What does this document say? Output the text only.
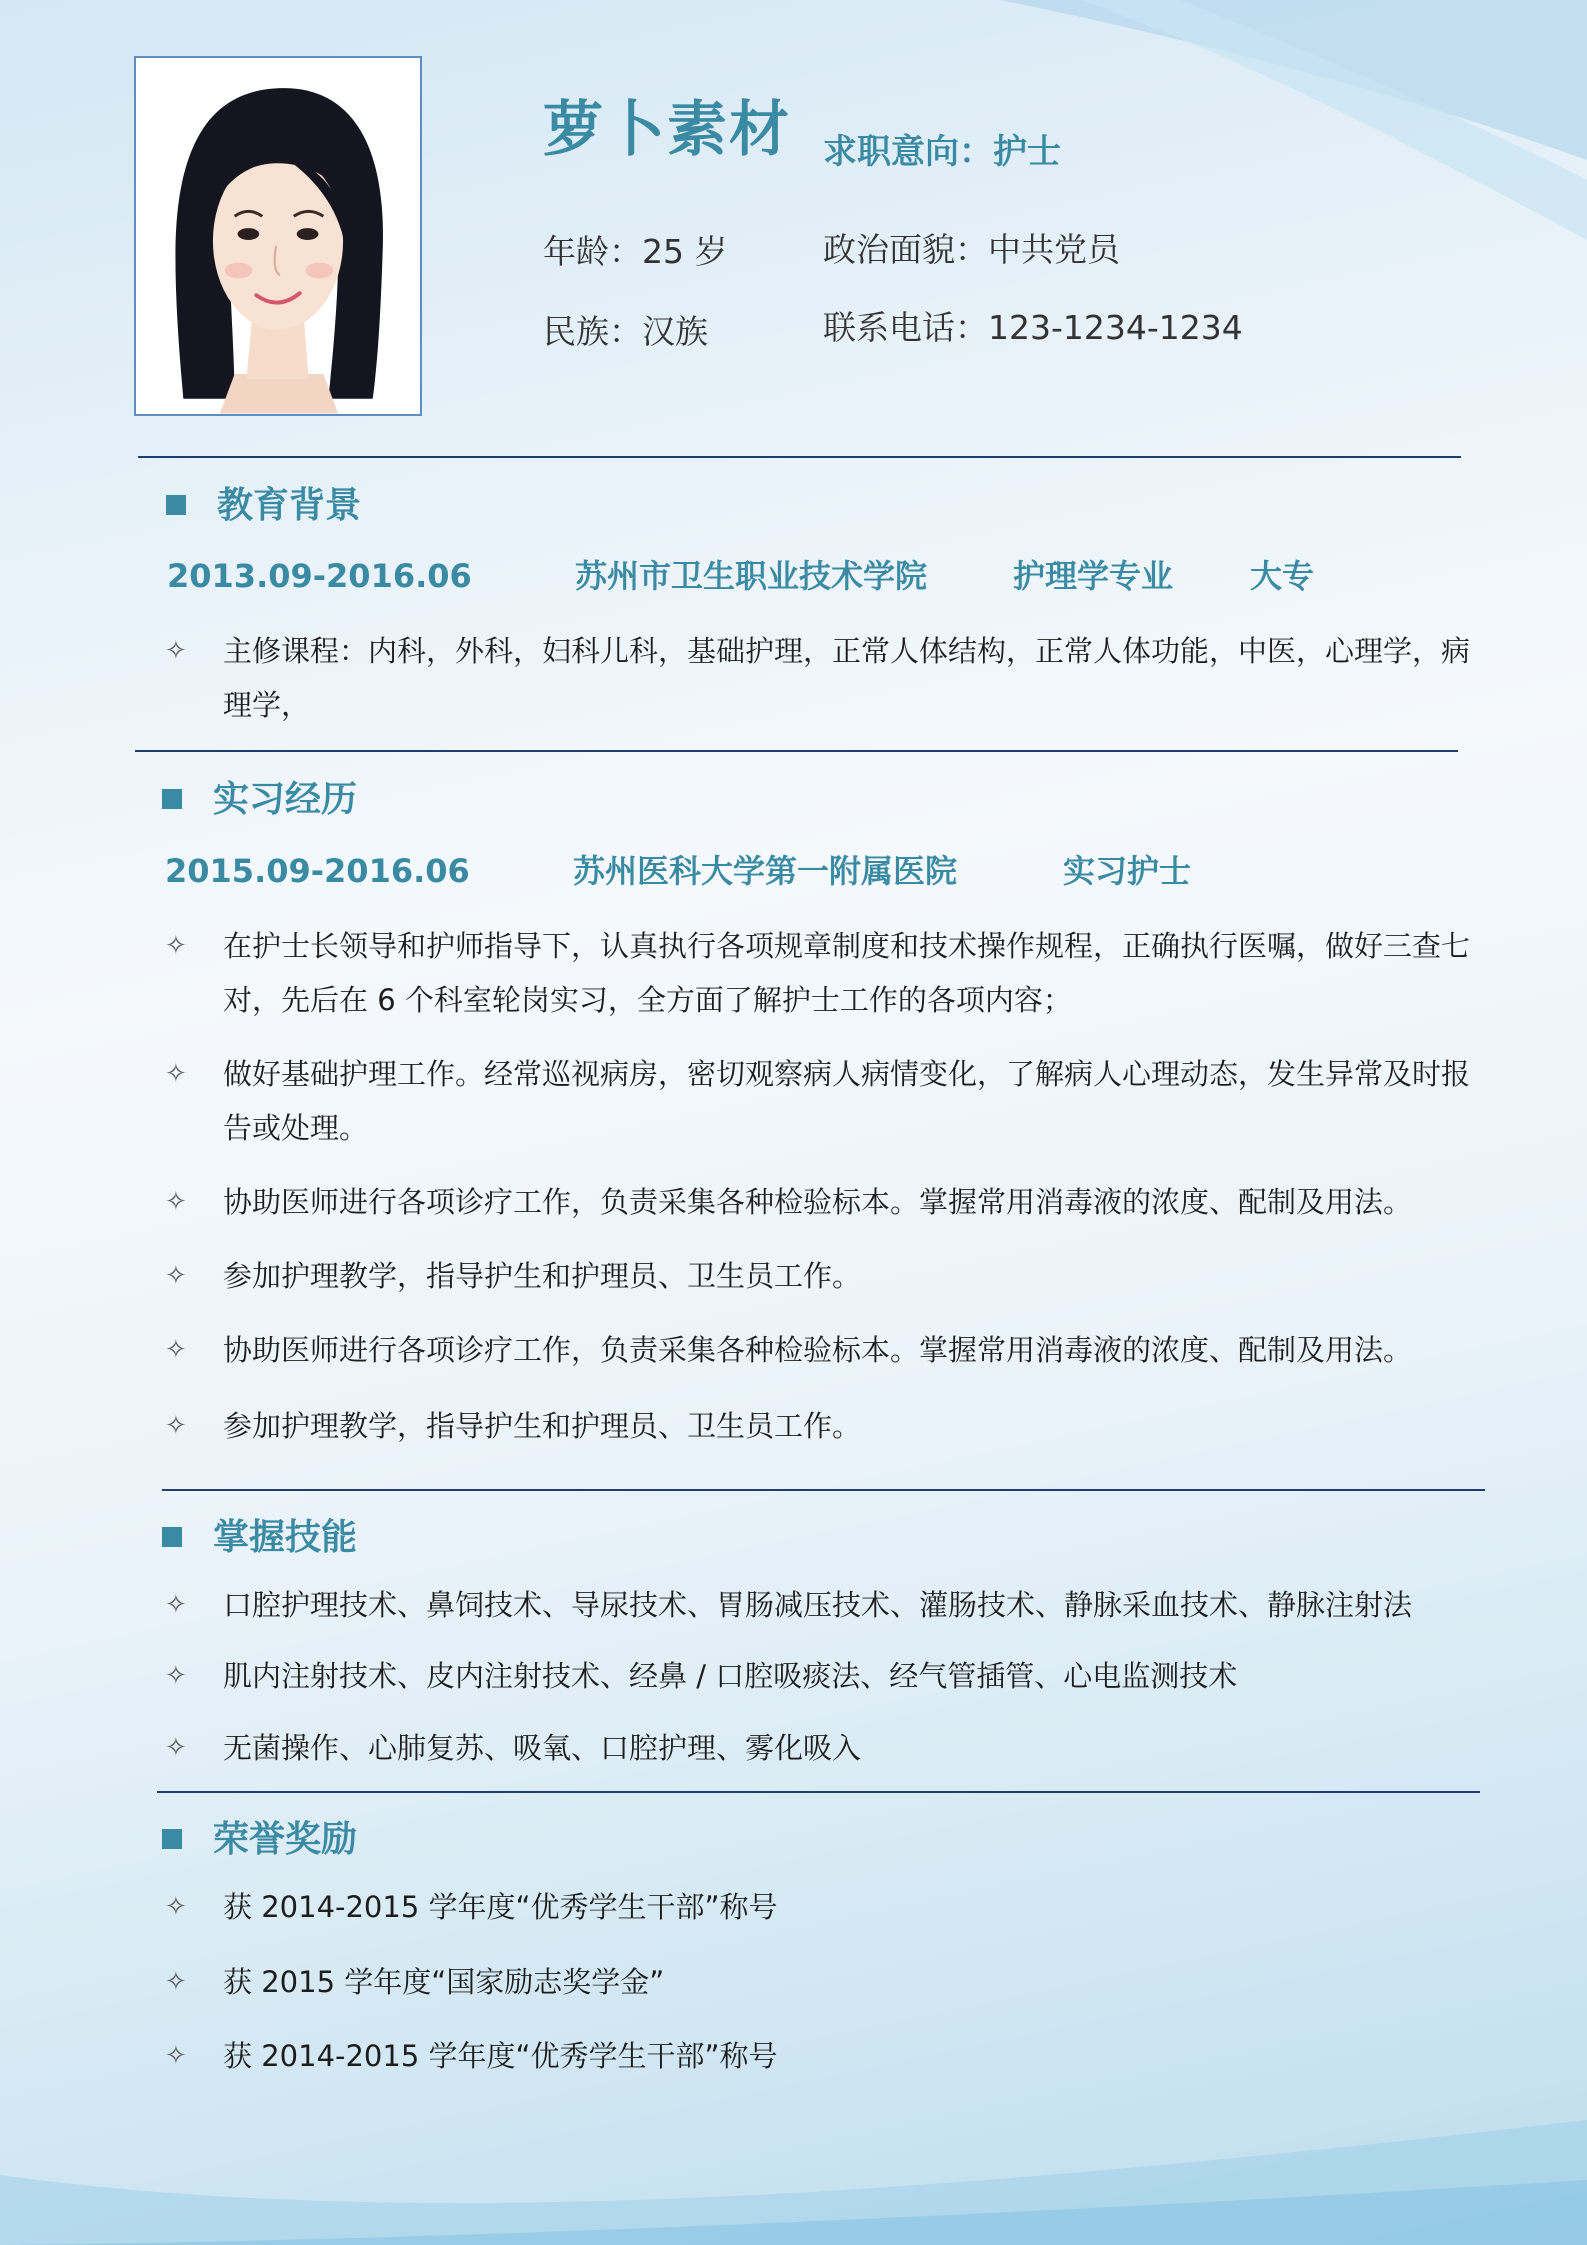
萝卜素材 求职意向：护士
年龄：25 岁	政治面貌：中共党员
民族：汉族	联系电话：123-1234-1234
教育背景
2013.09-2016.06	苏州市卫生职业技术学院	护理学专业 大专
✧ 主修课程：内科，外科，妇科儿科，基础护理，正常人体结构，正常人体功能，中医，心理学，病理学，
实习经历
2015.09-2016.06	苏州医科大学第一附属医院	实习护士
✧ 在护士长领导和护师指导下，认真执行各项规章制度和技术操作规程，正确执行医嘱，做好三查七对，先后在 6 个科室轮岗实习，全方面了解护士工作的各项内容；
✧ 做好基础护理工作。经常巡视病房，密切观察病人病情变化，了解病人心理动态，发生异常及时报告或处理。
✧ 协助医师进行各项诊疗工作，负责采集各种检验标本。掌握常用消毒液的浓度、配制及用法。
✧ 参加护理教学，指导护生和护理员、卫生员工作。
✧ 协助医师进行各项诊疗工作，负责采集各种检验标本。掌握常用消毒液的浓度、配制及用法。
✧ 参加护理教学，指导护生和护理员、卫生员工作。
掌握技能
✧ 口腔护理技术、鼻饲技术、导尿技术、胃肠减压技术、灌肠技术、静脉采血技术、静脉注射法
✧ 肌内注射技术、皮内注射技术、经鼻 / 口腔吸痰法、经气管插管、心电监测技术
✧ 无菌操作、心肺复苏、吸氧、口腔护理、雾化吸入
荣誉奖励
✧ 获 2014-2015 学年度“优秀学生干部”称号
✧ 获 2015 学年度“国家励志奖学金”
✧ 获 2014-2015 学年度“优秀学生干部”称号
